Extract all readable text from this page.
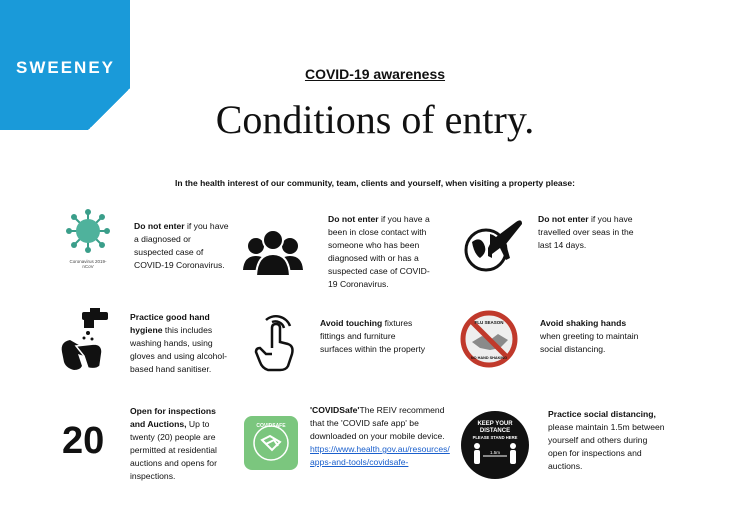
SWEENEY	COVID-19 awareness
Conditions of entry.
In the health interest of our community, team, clients and yourself, when visiting a property please:
Coronavirus 2019-nCoV
Do not enter if you have a diagnosed or suspected case of COVID-19 Coronavirus.
Do not enter if you have a been in close contact with someone who has been diagnosed with or has a suspected case of COVID-19 Coronavirus.
Do not enter if you have travelled over seas in the last 14 days.
Practice good hand hygiene this includes washing hands, using gloves and using alcohol-based hand sanitiser.
Avoid touching fixtures fittings and furniture surfaces within the property
FLU SEASON
NO HAND SHAKING
Avoid shaking hands when greeting to maintain social distancing.
20
Open for inspections and Auctions, Up to twenty (20) people are permitted at residential auctions and opens for inspections.
COVIDSAFE
'COVIDSafe'The REIV recommend that the 'COVID safe app' be downloaded on your mobile device.
https://www.health.gov.au/resources/apps-and-tools/covidsafe-
KEEP YOUR
DISTANCE
PLEASE STAND HERE
1.5m
Practice social distancing, please maintain 1.5m between yourself and others during open for inspections and auctions.
